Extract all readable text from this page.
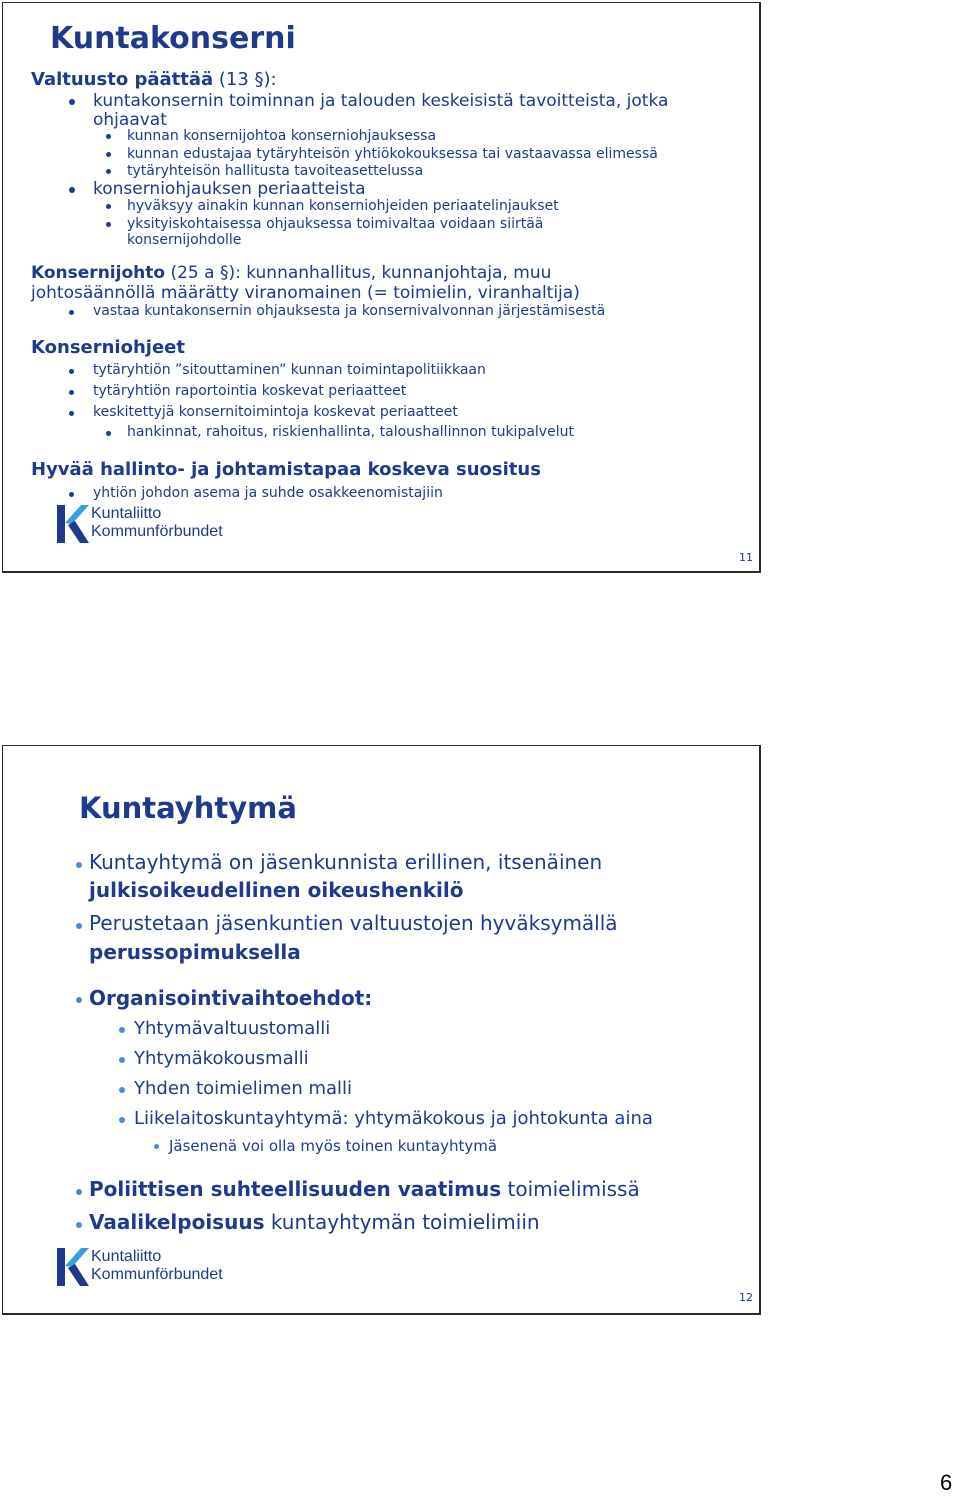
Kuntakonserni
Valtuusto päättää (13 §):
kuntakonsernin toiminnan ja talouden keskeisistä tavoitteista, jotka
ohjaavat
kunnan konsernijohtoa konserniohjauksessa
kunnan edustajaa tytäryhteisön yhtiökokouksessa tai vastaavassa elimessä
tytäryhteisön hallitusta tavoiteasettelussa
konserniohjauksen periaatteista
hyväksyy ainakin kunnan konserniohjeiden periaatelinjaukset
yksityiskohtaisessa ohjauksessa toimivaltaa voidaan siirtää
konsernijohdolle
Konsernijohto (25 a §): kunnanhallitus, kunnanjohtaja, muu
johtosäännöllä määrätty viranomainen (= toimielin, viranhaltija)
vastaa kuntakonsernin ohjauksesta ja konsernivalvonnan järjestämisestä
Konserniohjeet
tytäryhtiön ”sitouttaminen” kunnan toimintapolitiikkaan
tytäryhtiön raportointia koskevat periaatteet
keskitettyjä konsernitoimintoja koskevat periaatteet
hankinnat, rahoitus, riskienhallinta, taloushallinnon tukipalvelut
Hyvää hallinto- ja johtamistapaa koskeva suositus
yhtiön johdon asema ja suhde osakkeenomistajiin
Kuntaliitto
Kommunförbundet
11
Kuntayhtymä
Kuntayhtymä on jäsenkunnista erillinen, itsenäinen
julkisoikeudellinen oikeushenkilö
Perustetaan jäsenkuntien valtuustojen hyväksymällä
perussopimuksella
Organisointivaihtoehdot:
Yhtymävaltuustomalli
Yhtymäkokousmalli
Yhden toimielimen malli
Liikelaitoskuntayhtymä: yhtymäkokous ja johtokunta aina
Jäsenenä voi olla myös toinen kuntayhtymä
Poliittisen suhteellisuuden vaatimus toimielimissä
Vaalikelpoisuus kuntayhtymän toimielimiin
Kuntaliitto
Kommunförbundet
12
6
